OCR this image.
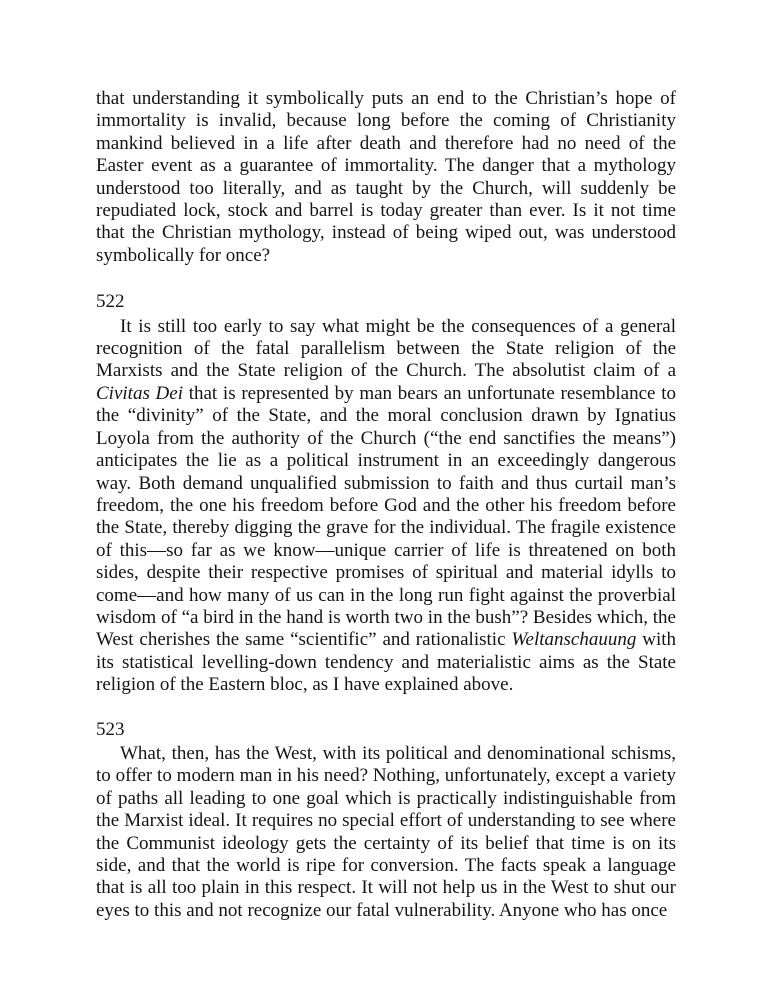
that understanding it symbolically puts an end to the Christian’s hope of immortality is invalid, because long before the coming of Christianity mankind believed in a life after death and therefore had no need of the Easter event as a guarantee of immortality. The danger that a mythology understood too literally, and as taught by the Church, will suddenly be repudiated lock, stock and barrel is today greater than ever. Is it not time that the Christian mythology, instead of being wiped out, was understood symbolically for once?

522

It is still too early to say what might be the consequences of a general recognition of the fatal parallelism between the State religion of the Marxists and the State religion of the Church. The absolutist claim of a Civitas Dei that is represented by man bears an unfortunate resemblance to the “divinity” of the State, and the moral conclusion drawn by Ignatius Loyola from the authority of the Church (“the end sanctifies the means”) anticipates the lie as a political instrument in an exceedingly dangerous way. Both demand unqualified submission to faith and thus curtail man’s freedom, the one his freedom before God and the other his freedom before the State, thereby digging the grave for the individual. The fragile existence of this—so far as we know—unique carrier of life is threatened on both sides, despite their respective promises of spiritual and material idylls to come—and how many of us can in the long run fight against the proverbial wisdom of “a bird in the hand is worth two in the bush”? Besides which, the West cherishes the same “scientific” and rationalistic Weltanschauung with its statistical levelling-down tendency and materialistic aims as the State religion of the Eastern bloc, as I have explained above.

523

What, then, has the West, with its political and denominational schisms, to offer to modern man in his need? Nothing, unfortunately, except a variety of paths all leading to one goal which is practically indistinguishable from the Marxist ideal. It requires no special effort of understanding to see where the Communist ideology gets the certainty of its belief that time is on its side, and that the world is ripe for conversion. The facts speak a language that is all too plain in this respect. It will not help us in the West to shut our eyes to this and not recognize our fatal vulnerability. Anyone who has once
